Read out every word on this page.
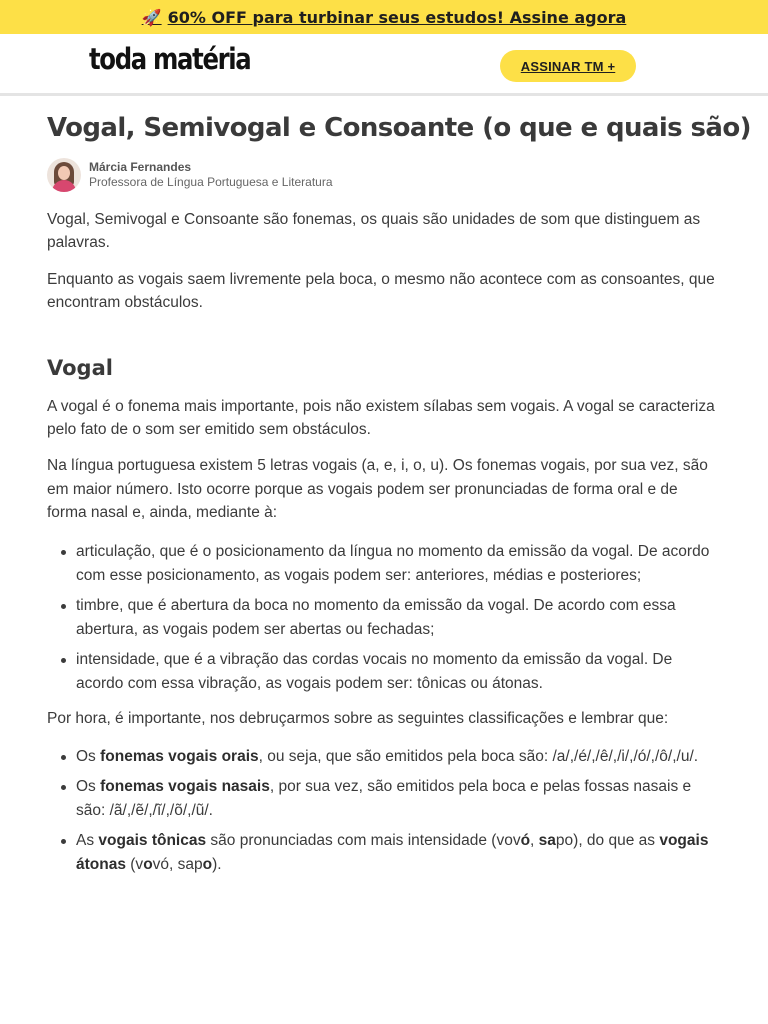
🚀 60% OFF para turbinar seus estudos! Assine agora
toda matéria	ASSINAR TM +
Vogal, Semivogal e Consoante (o que e quais são)
Márcia Fernandes
Professora de Língua Portuguesa e Literatura

Vogal, Semivogal e Consoante são fonemas, os quais são unidades de som que distinguem as palavras.

Enquanto as vogais saem livremente pela boca, o mesmo não acontece com as consoantes, que encontram obstáculos.

Vogal

A vogal é o fonema mais importante, pois não existem sílabas sem vogais. A vogal se caracteriza pelo fato de o som ser emitido sem obstáculos.

Na língua portuguesa existem 5 letras vogais (a, e, i, o, u). Os fonemas vogais, por sua vez, são em maior número. Isto ocorre porque as vogais podem ser pronunciadas de forma oral e de forma nasal e, ainda, mediante à:

articulação, que é o posicionamento da língua no momento da emissão da vogal. De acordo com esse posicionamento, as vogais podem ser: anteriores, médias e posteriores;
timbre, que é abertura da boca no momento da emissão da vogal. De acordo com essa abertura, as vogais podem ser abertas ou fechadas;
intensidade, que é a vibração das cordas vocais no momento da emissão da vogal. De acordo com essa vibração, as vogais podem ser: tônicas ou átonas.

Por hora, é importante, nos debruçarmos sobre as seguintes classificações e lembrar que:

Os fonemas vogais orais, ou seja, que são emitidos pela boca são: /a/,/é/,/ê/,/i/,/ó/,/ô/,/u/.
Os fonemas vogais nasais, por sua vez, são emitidos pela boca e pelas fossas nasais e são: /ã/,/ẽ/,/ĩ/,/õ/,/ũ/.
As vogais tônicas são pronunciadas com mais intensidade (vovó, sapo), do que as vogais átonas (vovó, sapo).
